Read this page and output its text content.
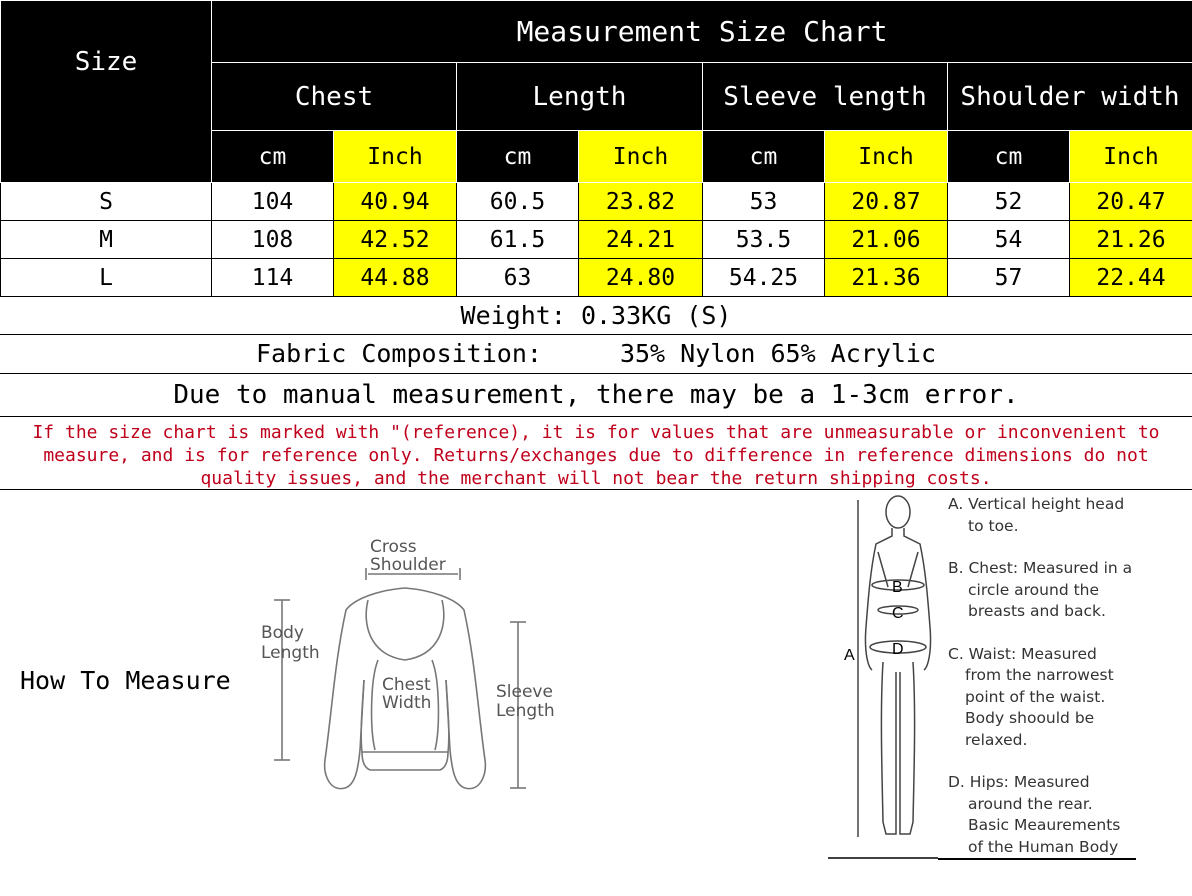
Size	Measurement Size Chart							
	Chest		Length		Sleeve length		Shoulder width	
	cm	Inch	cm	Inch	cm	Inch	cm	Inch
S	104	40.94	60.5	23.82	53	20.87	52	20.47
M	108	42.52	61.5	24.21	53.5	21.06	54	21.26
L	114	44.88	63	24.80	54.25	21.36	57	22.44
Weight: 0.33KG (S)
Fabric Composition:	35% Nylon 65% Acrylic
Due to manual measurement, there may be a 1-3cm error.
If the size chart is marked with "(reference), it is for values that are unmeasurable or inconvenient to measure, and is for reference only. Returns/exchanges due to difference in reference dimensions do not quality issues, and the merchant will not bear the return shipping costs.
How To Measure
Cross
Shoulder
Body
Length
Chest
Width
Sleeve
Length
B
C
D
A
A. Vertical height head
to toe.
B. Chest: Measured in a
circle around the
breasts and back.
C. Waist: Measured
from the narrowest
point of the waist.
Body shoould be
relaxed.
D. Hips: Measured
around the rear.
Basic Meaurements
of the Human Body
